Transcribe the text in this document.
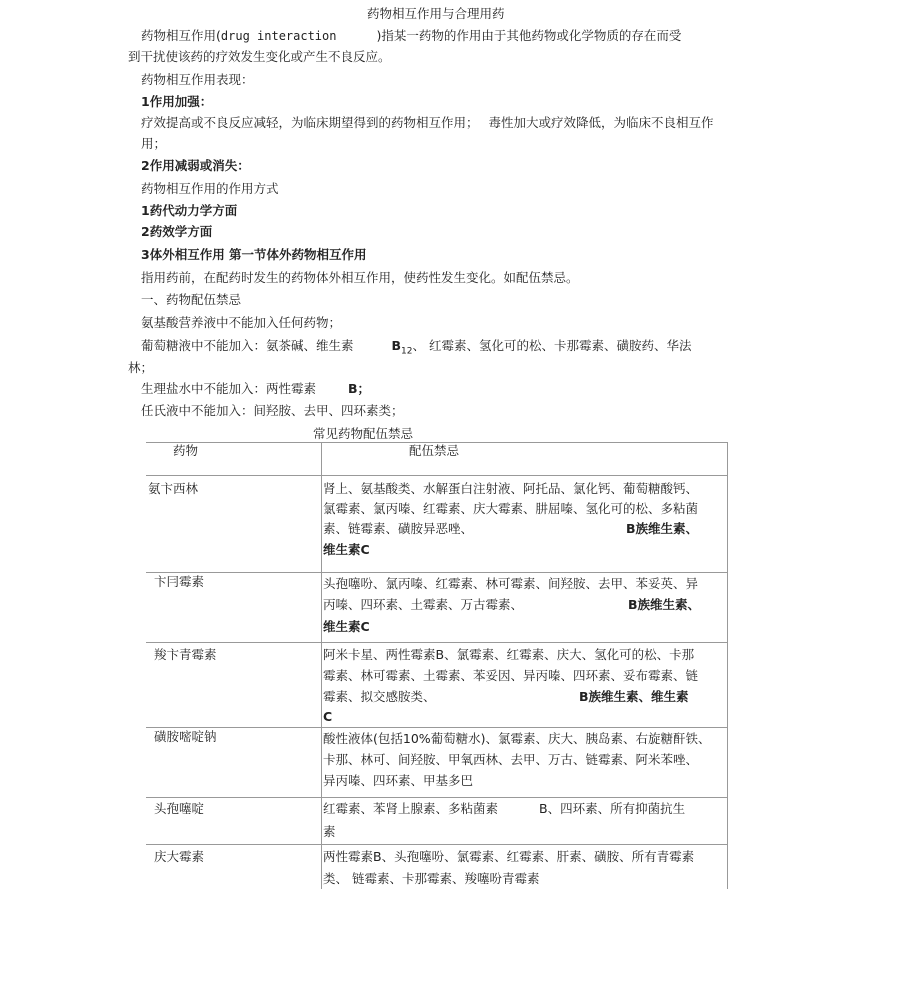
药物相互作用与合理用药
药物相互作用(drug interaction	)指某一药物的作用由于其他药物或化学物质的存在而受
到干扰使该药的疗效发生变化或产生不良反应。
药物相互作用表现：
1作用加强：
疗效提高或不良反应减轻，为临床期望得到的药物相互作用； 毒性加大或疗效降低，为临床不良相互作
用；
2作用减弱或消失：
药物相互作用的作用方式
1药代动力学方面
2药效学方面
3体外相互作用 第一节体外药物相互作用
指用药前，在配药时发生的药物体外相互作用，使药性发生变化。如配伍禁忌。
一、药物配伍禁忌
氨基酸营养液中不能加入任何药物；
葡萄糖液中不能加入：氨茶碱、维生素	$B_{12}$、 红霉素、氢化可的松、卡那霉素、磺胺药、华法
林；
生理盐水中不能加入：两性霉素	B；
任氏液中不能加入：间羟胺、去甲、四环素类；
常见药物配伍禁忌
药物	配伍禁忌
氨卞西林	肾上、氨基酸类、水解蛋白注射液、阿托品、氯化钙、葡萄糖酸钙、
氯霉素、氯丙嗪、红霉素、庆大霉素、肼屈嗪、氢化可的松、多粘菌
素、链霉素、磺胺异恶唑、	B族维生素、
维生素C
卞冃霉素	头孢噻吩、氯丙嗪、红霉素、林可霉素、间羟胺、去甲、苯妥英、异
丙嗪、四环素、土霉素、万古霉素、	B族维生素、
维生素C
羧卞青霉素	阿米卡星、两性霉素B、氯霉素、红霉素、庆大、氢化可的松、卡那
霉素、林可霉素、土霉素、苯妥因、异丙嗪、四环素、妥布霉素、链
霉素、拟交感胺类、	B族维生素、维生素
C
磺胺嘧啶钠	酸性液体(包括10%葡萄糖水)、氯霉素、庆大、胰岛素、右旋糖酐铁、
卡那、林可、间羟胺、甲氧西林、去甲、万古、链霉素、阿米苯唑、
异丙嗪、四环素、甲基多巴
头孢噻啶	红霉素、苯肾上腺素、多粘菌素	B、四环素、所有抑菌抗生
素
庆大霉素	两性霉素B、头孢噻吩、氯霉素、红霉素、肝素、磺胺、所有青霉素
类、 链霉素、卡那霉素、羧噻吩青霉素
